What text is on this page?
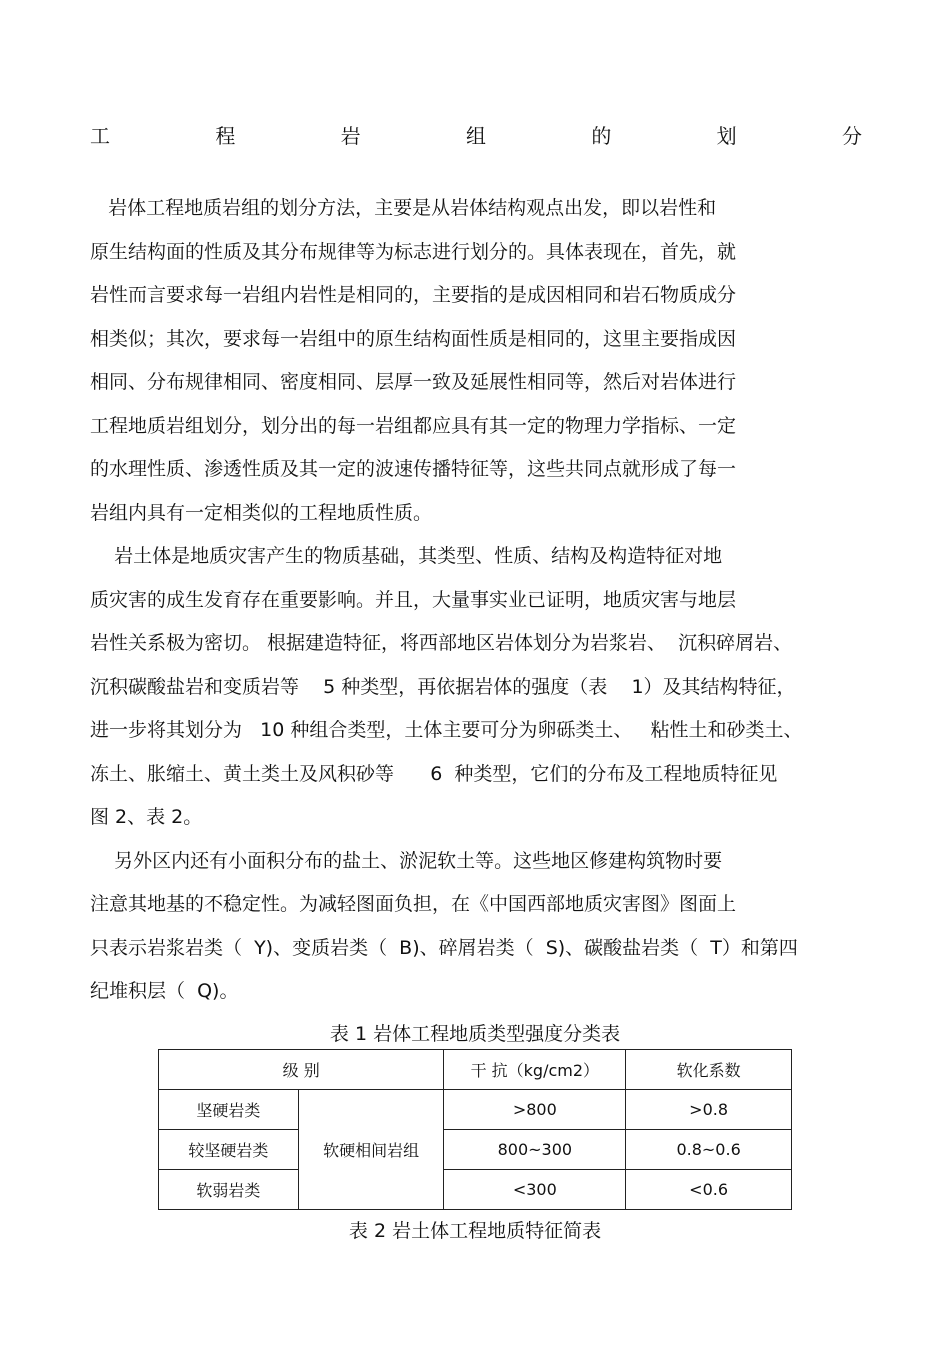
工	程	岩	组	的	划	分
岩体工程地质岩组的划分方法，主要是从岩体结构观点出发，即以岩性和
原生结构面的性质及其分布规律等为标志进行划分的。具体表现在，首先，就
岩性而言要求每一岩组内岩性是相同的，主要指的是成因相同和岩石物质成分
相类似；其次，要求每一岩组中的原生结构面性质是相同的，这里主要指成因
相同、分布规律相同、密度相同、层厚一致及延展性相同等，然后对岩体进行
工程地质岩组划分，划分出的每一岩组都应具有其一定的物理力学指标、一定
的水理性质、渗透性质及其一定的波速传播特征等，这些共同点就形成了每一
岩组内具有一定相类似的工程地质性质。
岩土体是地质灾害产生的物质基础，其类型、性质、结构及构造特征对地
质灾害的成生发育存在重要影响。并且，大量事实业已证明，地质灾害与地层
岩性关系极为密切。 根据建造特征，将西部地区岩体划分为岩浆岩、  沉积碎屑岩、
沉积碳酸盐岩和变质岩等    5 种类型，再依据岩体的强度（表    1）及其结构特征，
进一步将其划分为   10 种组合类型，土体主要可分为卵砾类土、   粘性土和砂类土、
冻土、胀缩土、黄土类土及风积砂等      6  种类型，它们的分布及工程地质特征见
图 2、表 2。
另外区内还有小面积分布的盐土、淤泥软土等。这些地区修建构筑物时要
注意其地基的不稳定性。为减轻图面负担，在《中国西部地质灾害图》图面上
只表示岩浆岩类（  Y)、变质岩类（  B)、碎屑岩类（  S)、碳酸盐岩类（  T）和第四
纪堆积层（  Q)。
表 1 岩体工程地质类型强度分类表
级 别		干 抗（kg/cm2）	软化系数
坚硬岩类	软硬相间岩组	>800	>0.8
较坚硬岩类		800~300	0.8~0.6
软弱岩类		<300	<0.6
表 2 岩土体工程地质特征简表
